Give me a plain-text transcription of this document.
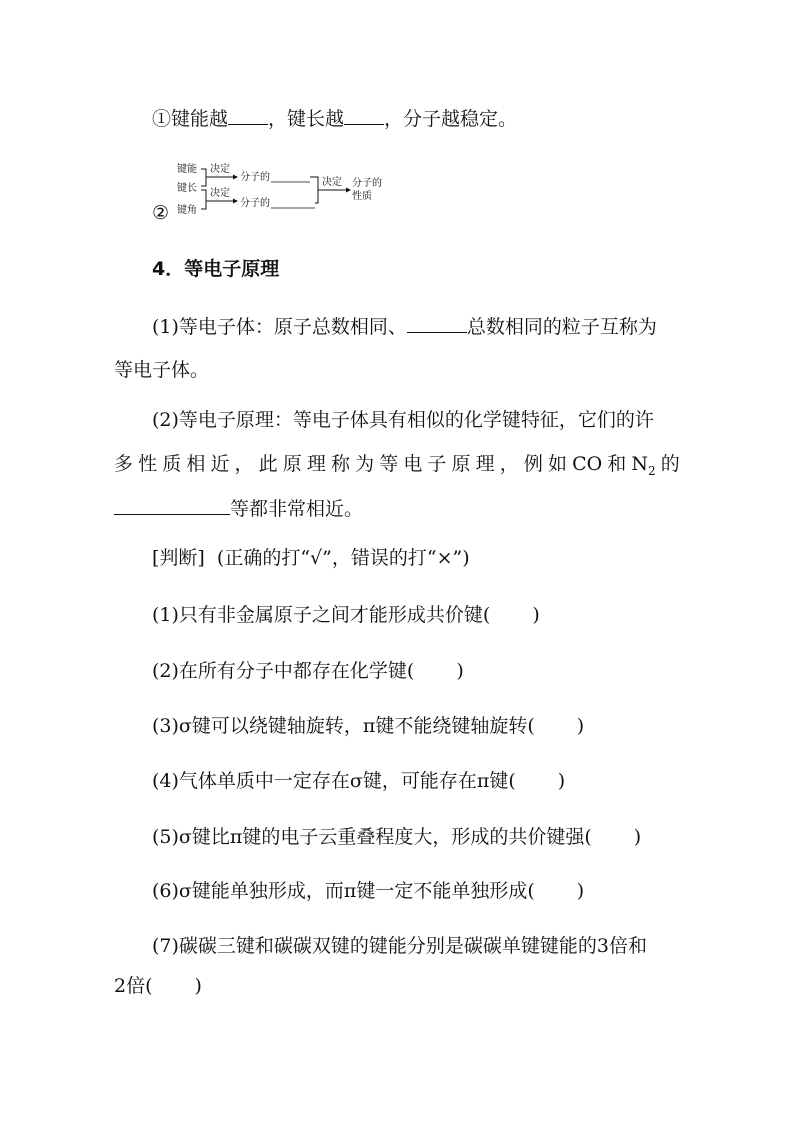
①键能越 ，键长越 ，分子越稳定。
②
键能
键长
键角
决定
决定
分子的
分子的
决定 分子的
性质
4．等电子原理
(1)等电子体：原子总数相同、	总数相同的粒子互称为
等电子体。
(2)等电子原理：等电子体具有相似的化学键特征，它们的许
多 性 质 相 近 ， 此 原 理 称 为 等 电 子 原 理 ， 例 如 CO 和 $N_2$ 的
等都非常相近。
[判断] (正确的打“√”，错误的打“×”)
(1)只有非金属原子之间才能形成共价键( )
(2)在所有分子中都存在化学键( )
(3)σ键可以绕键轴旋转，π键不能绕键轴旋转( )
(4)气体单质中一定存在σ键，可能存在π键( )
(5)σ键比π键的电子云重叠程度大，形成的共价键强( )
(6)σ键能单独形成，而π键一定不能单独形成( )
(7)碳碳三键和碳碳双键的键能分别是碳碳单键键能的3倍和
2倍( )
